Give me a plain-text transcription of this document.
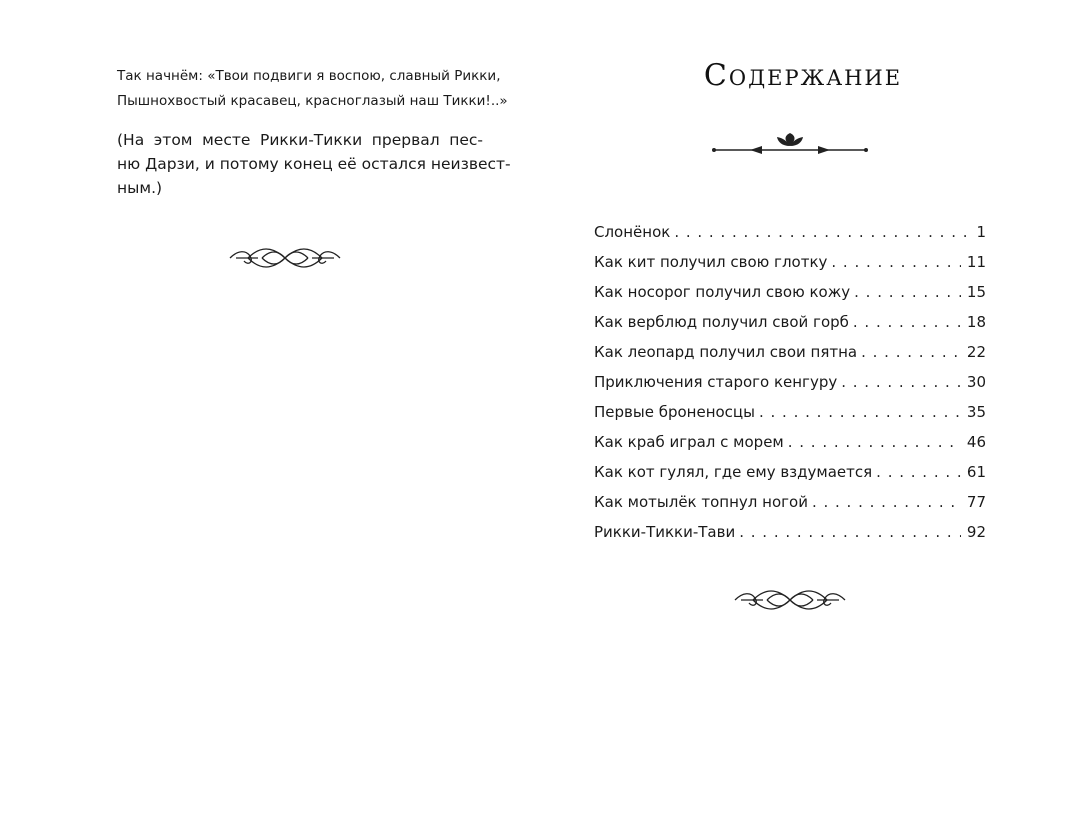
Так начнём: «Твои подвиги я воспою, славный Рикки,
Пышнохвостый красавец, красноглазый наш Тикки!..»
(На этом месте Рикки-Тикки прервал пес-
ню Дарзи, и потому конец её остался неизвест-
ным.)
Содержание
Слонёнок . . .	1
Как кит получил свою глотку . . .	11
Как носорог получил свою кожу . . .	15
Как верблюд получил свой горб . . .	18
Как леопард получил свои пятна . . .	22
Приключения старого кенгуру . . .	30
Первые броненосцы . . .	35
Как краб играл с морем . . .	46
Как кот гулял, где ему вздумается . . .	61
Как мотылёк топнул ногой . . .	77
Рикки-Тикки-Тави . . .	92
